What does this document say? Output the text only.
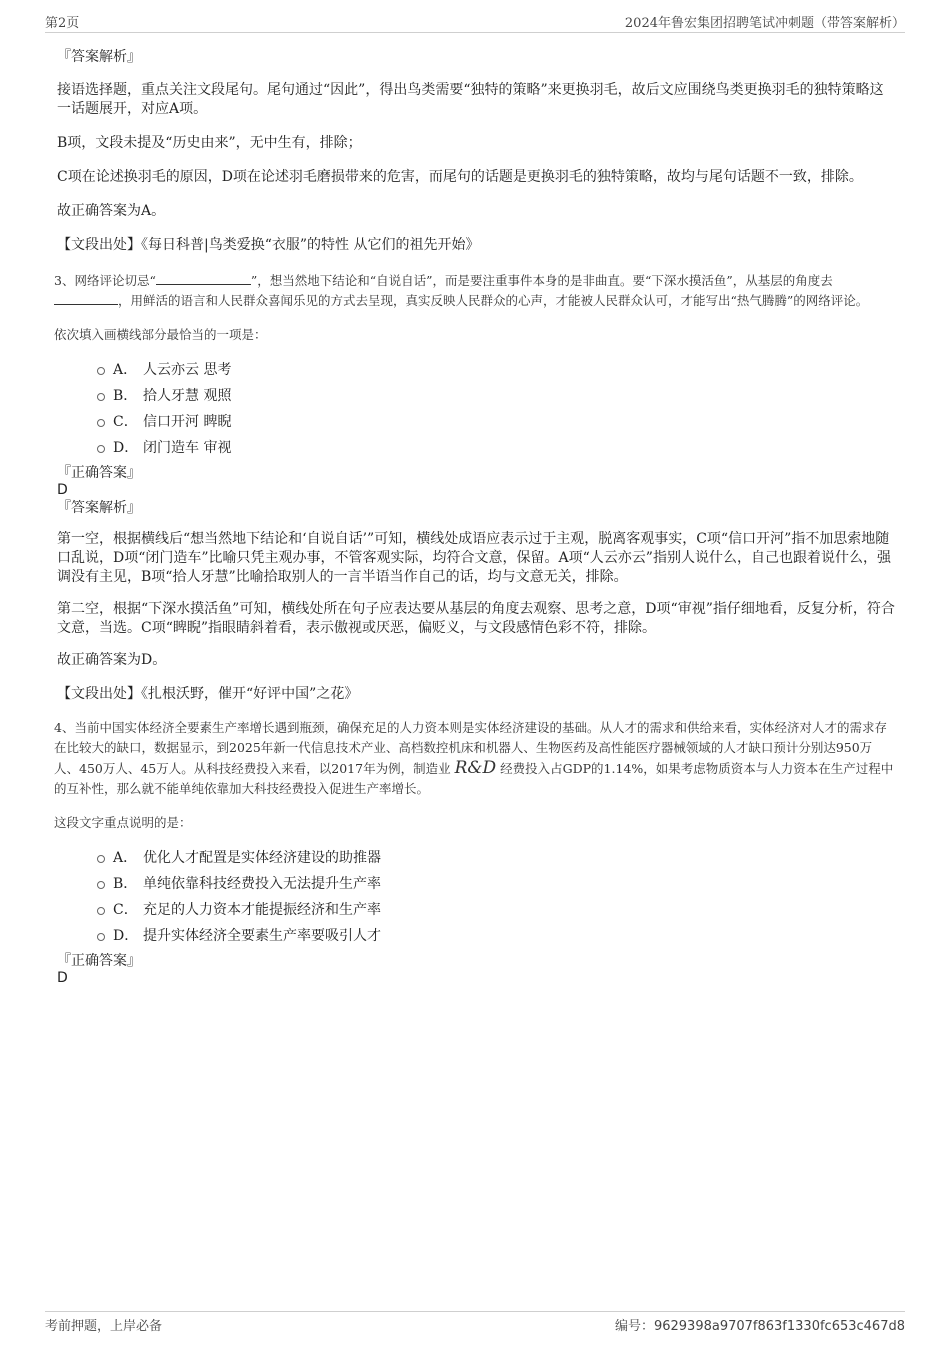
第2页	2024年鲁宏集团招聘笔试冲刺题（带答案解析）

『答案解析』

接语选择题，重点关注文段尾句。尾句通过“因此”，得出鸟类需要“独特的策略”来更换羽毛，故后文应围绕鸟类更换羽毛的独特策略这一话题展开，对应A项。

B项，文段未提及“历史由来”，无中生有，排除；

C项在论述换羽毛的原因，D项在论述羽毛磨损带来的危害，而尾句的话题是更换羽毛的独特策略，故均与尾句话题不一致，排除。

故正确答案为A。

【文段出处】《每日科普|鸟类爱换“衣服”的特性 从它们的祖先开始》

3、网络评论切忌“	”，想当然地下结论和“自说自话”，而是要注重事件本身的是非曲直。要“下深水摸活鱼”，从基层的角度去，用鲜活的语言和人民群众喜闻乐见的方式去呈现，真实反映人民群众的心声，才能被人民群众认可，才能写出“热气腾腾”的网络评论。

依次填入画横线部分最恰当的一项是：

A． 人云亦云 思考
B． 拾人牙慧 观照
C． 信口开河 睥睨
D． 闭门造车 审视

『正确答案』

D

『答案解析』

第一空，根据横线后“想当然地下结论和‘自说自话’”可知，横线处成语应表示过于主观，脱离客观事实，C项“信口开河”指不加思索地随口乱说，D项“闭门造车”比喻只凭主观办事，不管客观实际，均符合文意，保留。A项“人云亦云”指别人说什么，自己也跟着说什么，强调没有主见，B项“拾人牙慧”比喻拾取别人的一言半语当作自己的话，均与文意无关，排除。

第二空，根据“下深水摸活鱼”可知，横线处所在句子应表达要从基层的角度去观察、思考之意，D项“审视”指仔细地看，反复分析，符合文意，当选。C项“睥睨”指眼睛斜着看，表示傲视或厌恶，偏贬义，与文段感情色彩不符，排除。

故正确答案为D。

【文段出处】《扎根沃野，催开“好评中国”之花》

4、当前中国实体经济全要素生产率增长遇到瓶颈，确保充足的人力资本则是实体经济建设的基础。从人才的需求和供给来看，实体经济对人才的需求存在比较大的缺口，数据显示，到2025年新一代信息技术产业、高档数控机床和机器人、生物医药及高性能医疗器械领域的人才缺口预计分别达950万人、450万人、45万人。从科技经费投入来看，以2017年为例，制造业 R&D 经费投入占GDP的1.14%，如果考虑物质资本与人力资本在生产过程中的互补性，那么就不能单纯依靠加大科技经费投入促进生产率增长。

这段文字重点说明的是：

A． 优化人才配置是实体经济建设的助推器
B． 单纯依靠科技经费投入无法提升生产率
C． 充足的人力资本才能提振经济和生产率
D． 提升实体经济全要素生产率要吸引人才

『正确答案』

D

考前押题，上岸必备	编号：9629398a9707f863f1330fc653c467d8
